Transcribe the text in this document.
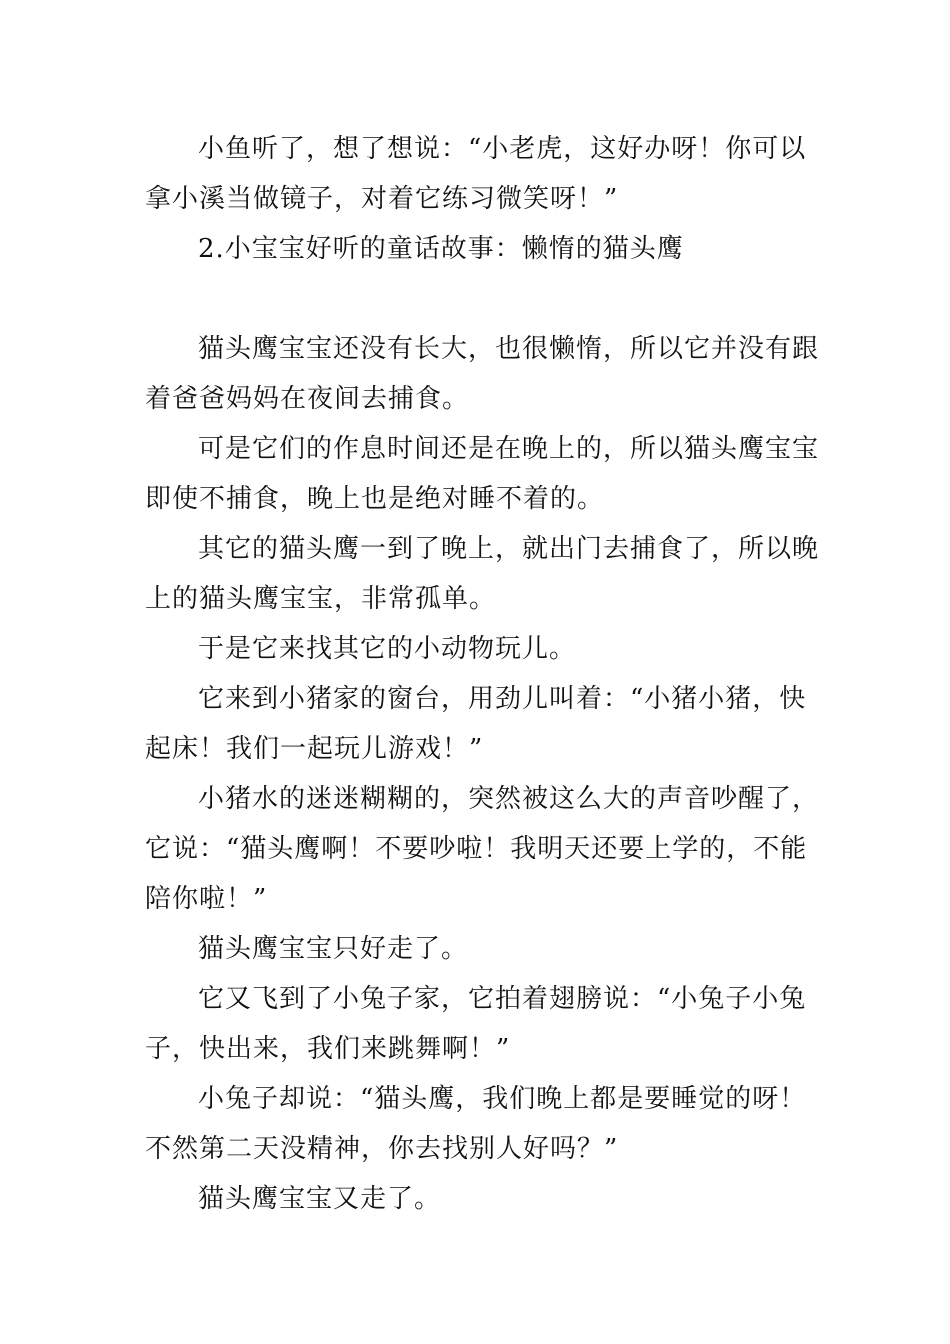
小鱼听了，想了想说：“小老虎，这好办呀！你可以
拿小溪当做镜子，对着它练习微笑呀！”
2.小宝宝好听的童话故事：懒惰的猫头鹰
猫头鹰宝宝还没有长大，也很懒惰，所以它并没有跟
着爸爸妈妈在夜间去捕食。
可是它们的作息时间还是在晚上的，所以猫头鹰宝宝
即使不捕食，晚上也是绝对睡不着的。
其它的猫头鹰一到了晚上，就出门去捕食了，所以晚
上的猫头鹰宝宝，非常孤单。
于是它来找其它的小动物玩儿。
它来到小猪家的窗台，用劲儿叫着：“小猪小猪，快
起床！我们一起玩儿游戏！”
小猪水的迷迷糊糊的，突然被这么大的声音吵醒了，
它说：“猫头鹰啊！不要吵啦！我明天还要上学的，不能
陪你啦！”
猫头鹰宝宝只好走了。
它又飞到了小兔子家，它拍着翅膀说：“小兔子小兔
子，快出来，我们来跳舞啊！”
小兔子却说：“猫头鹰，我们晚上都是要睡觉的呀！
不然第二天没精神，你去找别人好吗？”
猫头鹰宝宝又走了。
